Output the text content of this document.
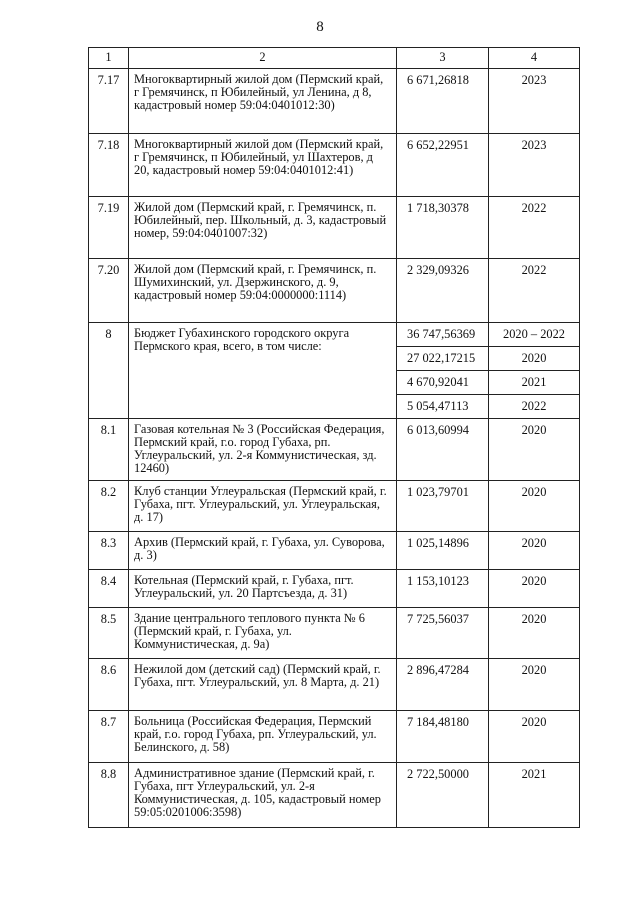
8
1	2	3	4
7.17	Многоквартирный жилой дом (Пермский край, г Гремячинск, п Юбилейный, ул Ленина, д 8, кадастровый номер 59:04:0401012:30)	6 671,26818	2023
7.18	Многоквартирный жилой дом (Пермский край, г Гремячинск, п Юбилейный, ул Шахтеров, д 20, кадастровый номер 59:04:0401012:41)	6 652,22951	2023
7.19	Жилой дом (Пермский край, г. Гремячинск, п. Юбилейный, пер. Школьный, д. 3, кадастровый номер, 59:04:0401007:32)	1 718,30378	2022
7.20	Жилой дом (Пермский край, г. Гремячинск, п. Шумихинский, ул. Дзержинского, д. 9, кадастровый номер 59:04:0000000:1114)	2 329,09326	2022
8	Бюджет Губахинского городского округа Пермского края, всего, в том числе:	36 747,56369	2020 – 2022
		27 022,17215	2020
		4 670,92041	2021
		5 054,47113	2022
8.1	Газовая котельная № 3 (Российская Федерация, Пермский край, г.о. город Губаха, рп. Углеуральский, ул. 2-я Коммунистическая, зд. 12460)	6 013,60994	2020
8.2	Клуб станции Углеуральская (Пермский край, г. Губаха, пгт. Углеуральский, ул. Углеуральская, д. 17)	1 023,79701	2020
8.3	Архив (Пермский край, г. Губаха, ул. Суворова, д. 3)	1 025,14896	2020
8.4	Котельная (Пермский край, г. Губаха, пгт. Углеуральский, ул. 20 Партсъезда, д. 31)	1 153,10123	2020
8.5	Здание центрального теплового пункта № 6 (Пермский край, г. Губаха, ул. Коммунистическая, д. 9а)	7 725,56037	2020
8.6	Нежилой дом (детский сад) (Пермский край, г. Губаха, пгт. Углеуральский, ул. 8 Марта, д. 21)	2 896,47284	2020
8.7	Больница (Российская Федерация, Пермский край, г.о. город Губаха, рп. Углеуральский, ул. Белинского, д. 58)	7 184,48180	2020
8.8	Административное здание (Пермский край, г. Губаха, пгт Углеуральский, ул. 2-я Коммунистическая, д. 105, кадастровый номер 59:05:0201006:3598)	2 722,50000	2021
